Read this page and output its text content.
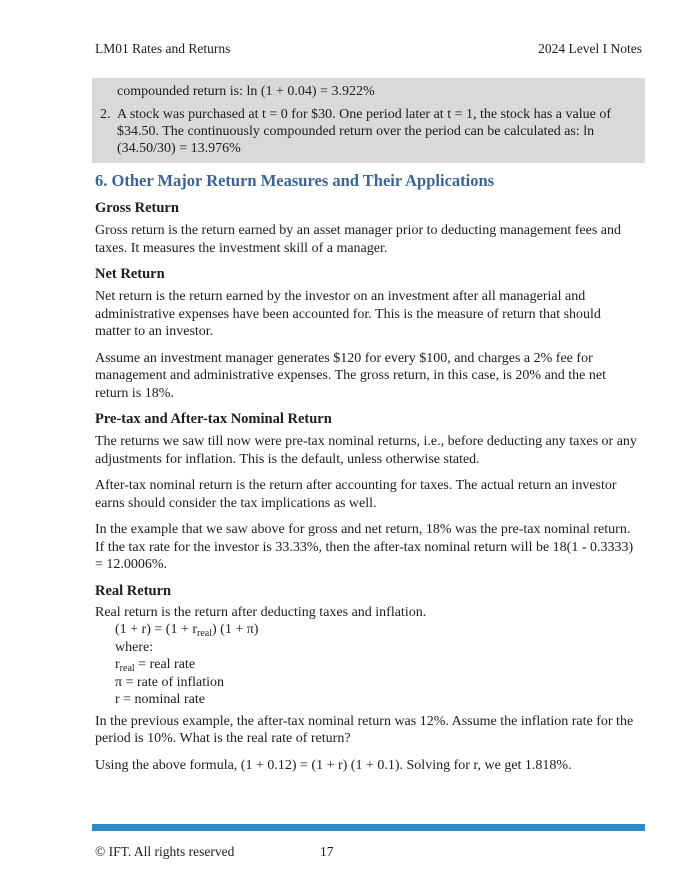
LM01 Rates and Returns	2024 Level I Notes
compounded return is: ln (1 + 0.04) = 3.922%
2. A stock was purchased at t = 0 for $30. One period later at t = 1, the stock has a value of $34.50. The continuously compounded return over the period can be calculated as: ln (34.50/30) = 13.976%
6. Other Major Return Measures and Their Applications
Gross Return

Gross return is the return earned by an asset manager prior to deducting management fees and taxes. It measures the investment skill of a manager.

Net Return

Net return is the return earned by the investor on an investment after all managerial and administrative expenses have been accounted for. This is the measure of return that should matter to an investor.

Assume an investment manager generates $120 for every $100, and charges a 2% fee for management and administrative expenses. The gross return, in this case, is 20% and the net return is 18%.

Pre-tax and After-tax Nominal Return

The returns we saw till now were pre-tax nominal returns, i.e., before deducting any taxes or any adjustments for inflation. This is the default, unless otherwise stated.

After-tax nominal return is the return after accounting for taxes. The actual return an investor earns should consider the tax implications as well.

In the example that we saw above for gross and net return, 18% was the pre-tax nominal return. If the tax rate for the investor is 33.33%, then the after-tax nominal return will be 18(1 - 0.3333) = 12.0006%.

Real Return

Real return is the return after deducting taxes and inflation.

$(1 + r) = (1 + r_{real})$ (1 + π)
where:
$r_{real}$ = real rate
π = rate of inflation
r = nominal rate

In the previous example, the after-tax nominal return was 12%. Assume the inflation rate for the period is 10%. What is the real rate of return?

Using the above formula, (1 + 0.12) = (1 + r) (1 + 0.1). Solving for r, we get 1.818%.

© IFT. All rights reserved	17
